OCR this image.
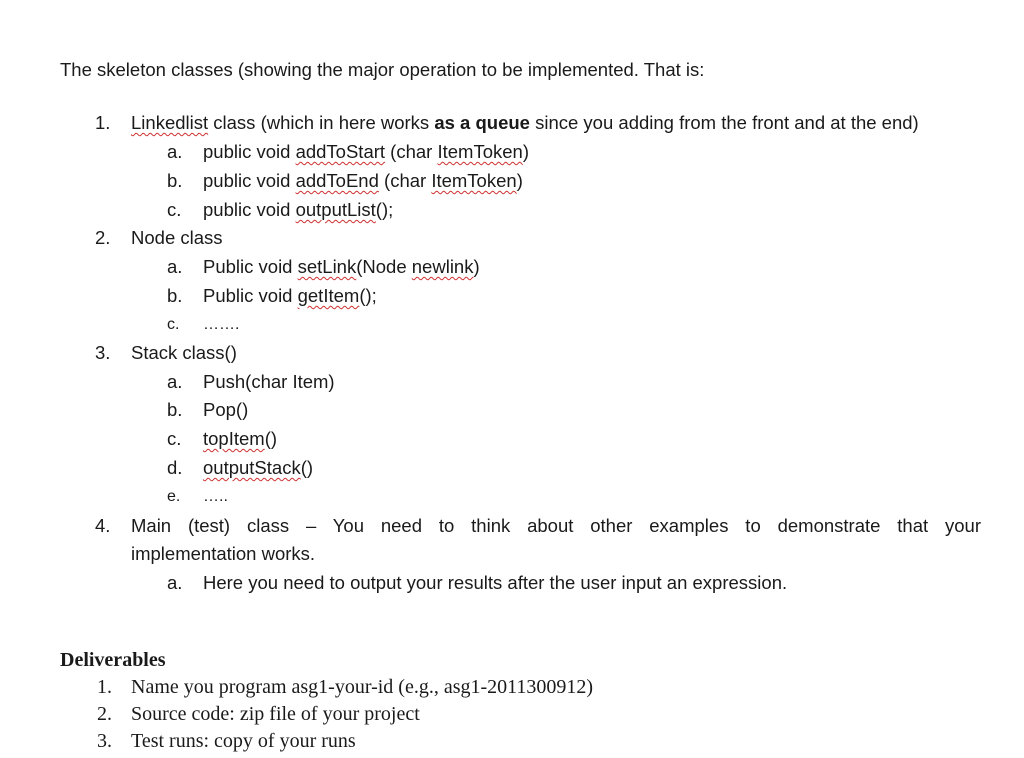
The skeleton classes (showing the major operation to be implemented. That is:
1. Linkedlist class (which in here works as a queue since you adding from the front and at the end)
a. public void addToStart (char ItemToken)
b. public void addToEnd (char ItemToken)
c. public void outputList();
2. Node class
a. Public void setLink(Node newlink)
b. Public void getItem();
c. …….
3. Stack class()
a. Push(char Item)
b. Pop()
c. topItem()
d. outputStack()
e. …..
4. Main (test) class – You need to think about other examples to demonstrate that your
implementation works.
a. Here you need to output your results after the user input an expression.
Deliverables
1. Name you program asg1-your-id (e.g., asg1-2011300912)
2. Source code: zip file of your project
3. Test runs: copy of your runs
